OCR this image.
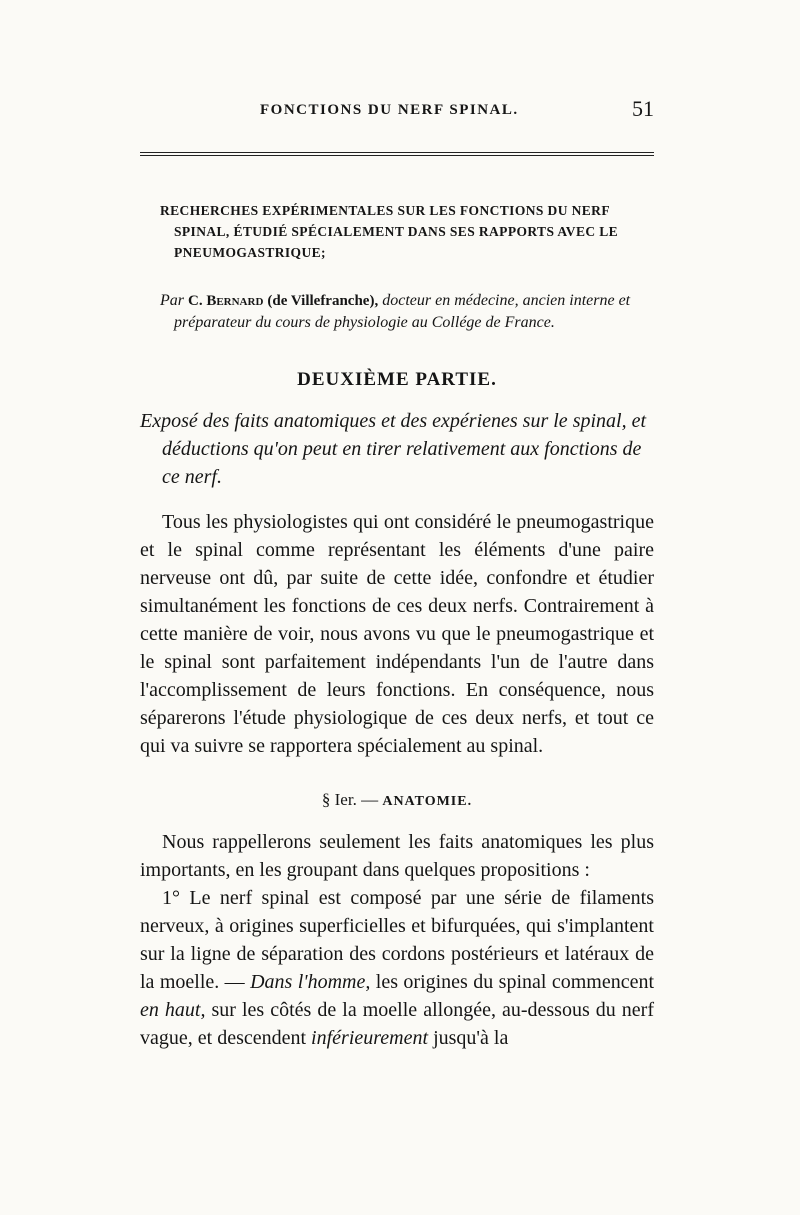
FONCTIONS DU NERF SPINAL.	51
RECHERCHES EXPÉRIMENTALES SUR LES FONCTIONS DU NERF SPINAL, ÉTUDIÉ SPÉCIALEMENT DANS SES RAPPORTS AVEC LE PNEUMOGASTRIQUE;
Par C. Bernard (de Villefranche), docteur en médecine, ancien interne et préparateur du cours de physiologie au Collége de France.
DEUXIÈME PARTIE.
Exposé des faits anatomiques et des expérienes sur le spinal, et déductions qu'on peut en tirer relativement aux fonctions de ce nerf.
Tous les physiologistes qui ont considéré le pneumogastrique et le spinal comme représentant les éléments d'une paire nerveuse ont dû, par suite de cette idée, confondre et étudier simultanément les fonctions de ces deux nerfs. Contrairement à cette manière de voir, nous avons vu que le pneumogastrique et le spinal sont parfaitement indépendants l'un de l'autre dans l'accomplissement de leurs fonctions. En conséquence, nous séparerons l'étude physiologique de ces deux nerfs, et tout ce qui va suivre se rapportera spécialement au spinal.
§ Ier. — ANATOMIE.
Nous rappellerons seulement les faits anatomiques les plus importants, en les groupant dans quelques propositions :
1° Le nerf spinal est composé par une série de filaments nerveux, à origines superficielles et bifurquées, qui s'implantent sur la ligne de séparation des cordons postérieurs et latéraux de la moelle. — Dans l'homme, les origines du spinal commencent en haut, sur les côtés de la moelle allongée, au-dessous du nerf vague, et descendent inférieurement jusqu'à la
